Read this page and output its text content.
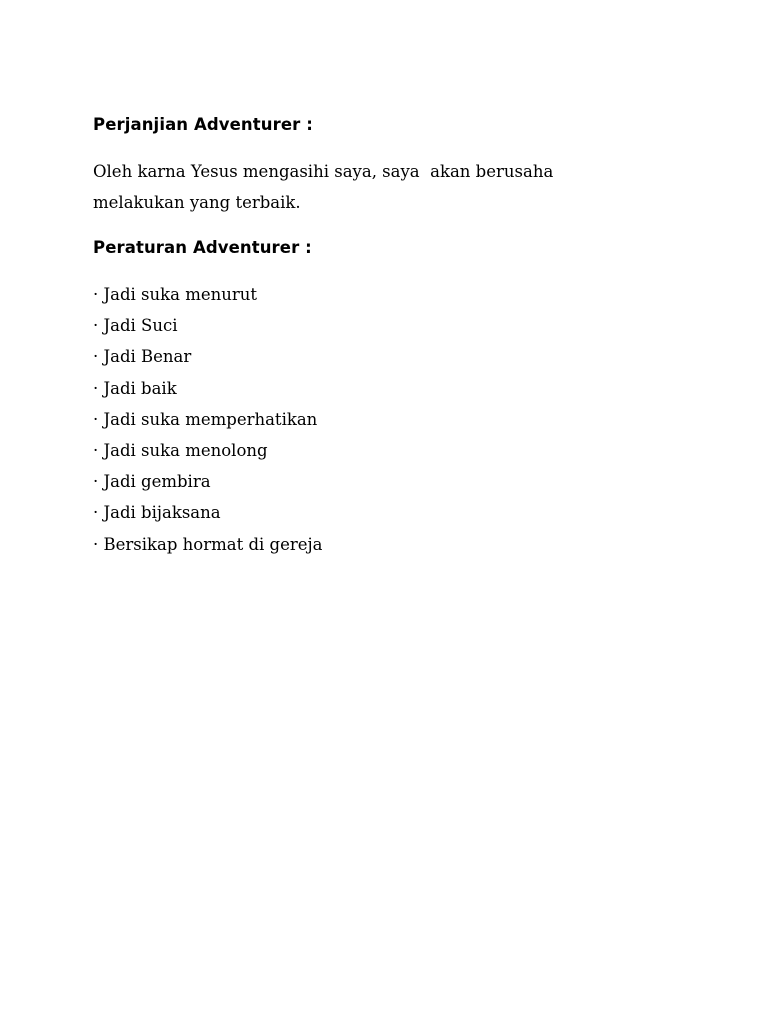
Perjanjian Adventurer :

Oleh karna Yesus mengasihi saya, saya  akan berusaha
melakukan yang terbaik.

Peraturan Adventurer :

· Jadi suka menurut
· Jadi Suci
· Jadi Benar
· Jadi baik
· Jadi suka memperhatikan
· Jadi suka menolong
· Jadi gembira
· Jadi bijaksana
· Bersikap hormat di gereja
